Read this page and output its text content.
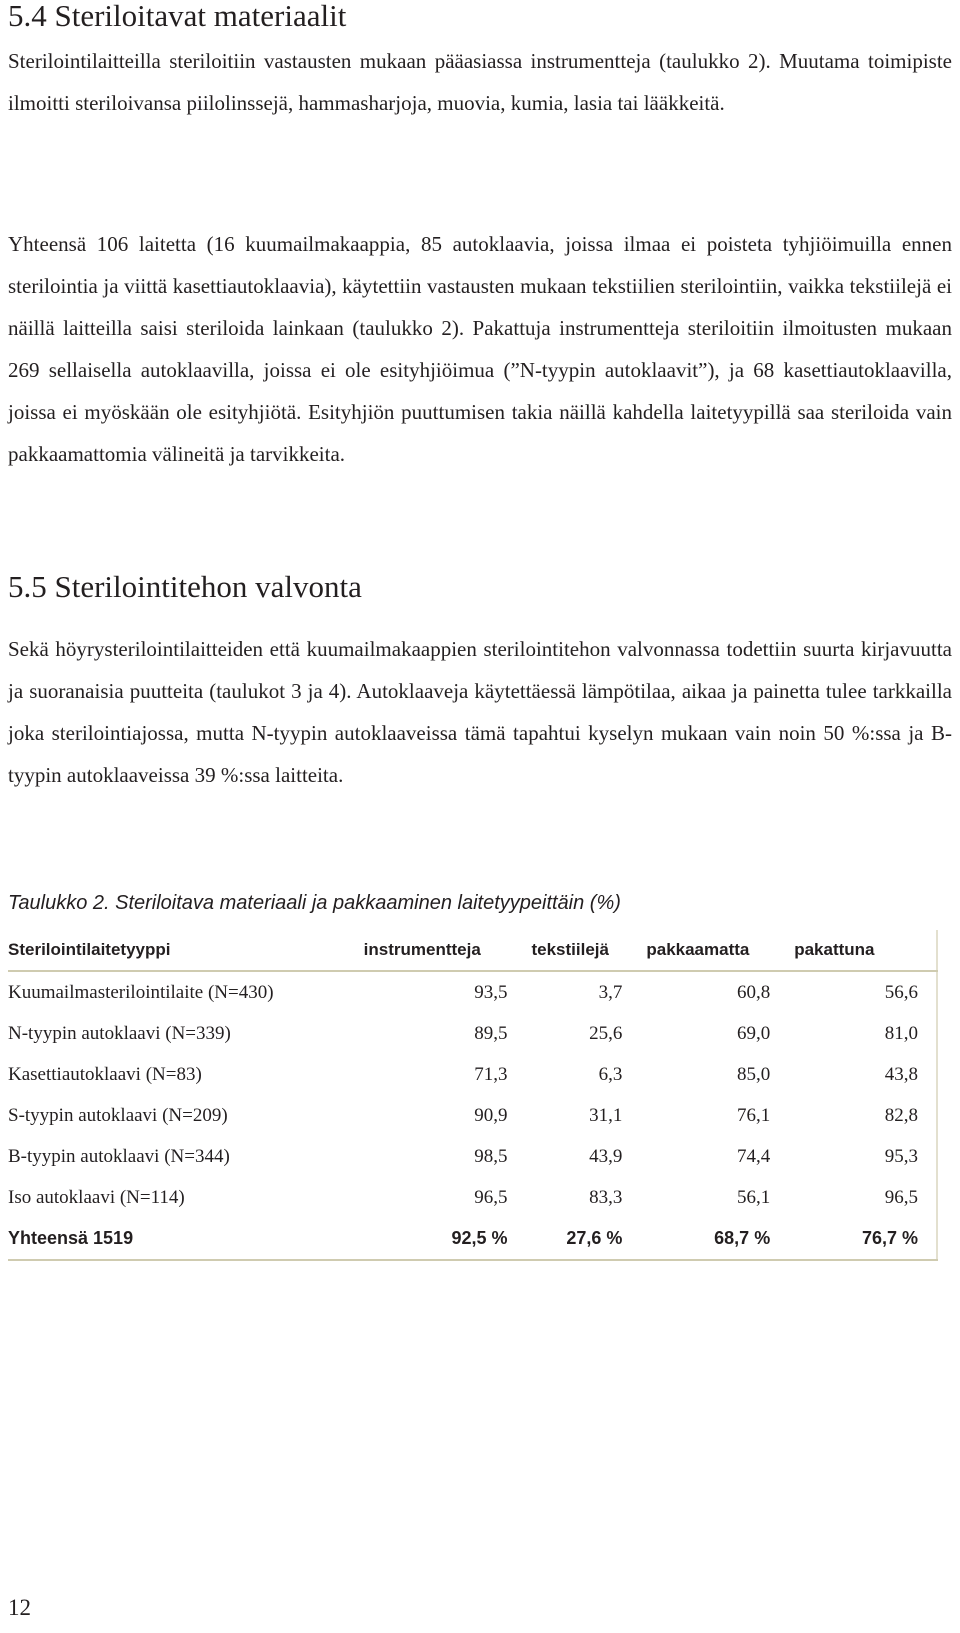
5.4 Steriloitavat materiaalit

Sterilointilaitteilla steriloitiin vastausten mukaan pääasiassa instrumentteja (taulukko 2). Muutama toimipiste ilmoitti steriloivansa piilolinssejä, hammasharjoja, muovia, kumia, lasia tai lääkkeitä.

Yhteensä 106 laitetta (16 kuumailmakaappia, 85 autoklaavia, joissa ilmaa ei poisteta tyhjiöimuilla ennen sterilointia ja viittä kasettiautoklaavia), käytettiin vastausten mukaan tekstiilien sterilointiin, vaikka tekstiilejä ei näillä laitteilla saisi steriloida lainkaan (taulukko 2). Pakattuja instrumentteja steriloitiin ilmoitusten mukaan 269 sellaisella autoklaavilla, joissa ei ole esityhjiöimua (”N-tyypin autoklaavit”), ja 68 kasettiautoklaavilla, joissa ei myöskään ole esityhjiötä. Esityhjiön puuttumisen takia näillä kahdella laitetyypillä saa steriloida vain pakkaamattomia välineitä ja tarvikkeita.

5.5 Sterilointitehon valvonta

Sekä höyrysterilointilaitteiden että kuumailmakaappien sterilointitehon valvonnassa todettiin suurta kirjavuutta ja suoranaisia puutteita (taulukot 3 ja 4). Autoklaaveja käytettäessä lämpötilaa, aikaa ja painetta tulee tarkkailla joka sterilointiajossa, mutta N-tyypin autoklaaveissa tämä tapahtui kyselyn mukaan vain noin 50 %:ssa ja B-tyypin autoklaaveissa 39 %:ssa laitteita.

Taulukko 2. Steriloitava materiaali ja pakkaaminen laitetyypeittäin (%)
Sterilointilaitetyyppi	instrumentteja	tekstiilejä	pakkaamatta	pakattuna
Kuumailmasterilointilaite (N=430)	93,5	3,7	60,8	56,6
N-tyypin autoklaavi (N=339)	89,5	25,6	69,0	81,0
Kasettiautoklaavi (N=83)	71,3	6,3	85,0	43,8
S-tyypin autoklaavi (N=209)	90,9	31,1	76,1	82,8
B-tyypin autoklaavi (N=344)	98,5	43,9	74,4	95,3
Iso autoklaavi (N=114)	96,5	83,3	56,1	96,5
Yhteensä 1519	92,5 %	27,6 %	68,7 %	76,7 %
12
